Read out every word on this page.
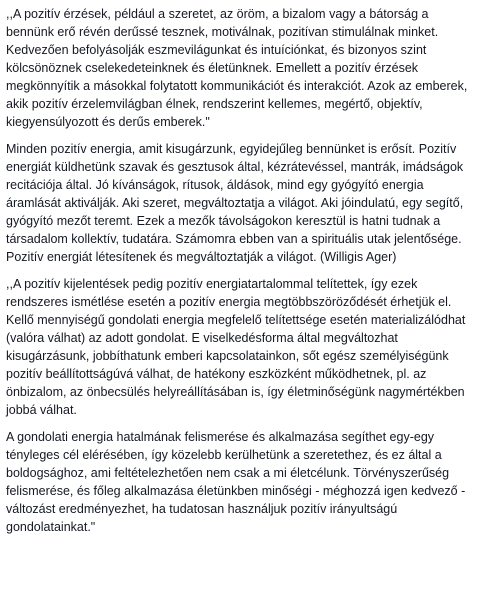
,,A pozitív érzések, például a szeretet, az öröm, a bizalom vagy a bátorság a bennünk erő révén derűssé tesznek, motiválnak, pozitívan stimulálnak minket. Kedvezően befolyásolják eszmevilágunkat és intuíciónkat, és bizonyos szint kölcsönöznek cselekedeteinknek és életünknek. Emellett a pozitív érzések megkönnyítik a másokkal folytatott kommunikációt és interakciót. Azok az emberek, akik pozitív érzelemvilágban élnek, rendszerint kellemes, megértő, objektív, kiegyensúlyozott és derűs emberek."

Minden pozitív energia, amit kisugárzunk, egyidejűleg bennünket is erősít. Pozitív energiát küldhetünk szavak és gesztusok által, kézrátevéssel, mantrák, imádságok recitációja által. Jó kívánságok, rítusok, áldások, mind egy gyógyító energia áramlását aktiválják. Aki szeret, megváltoztatja a világot. Aki jóindulatú, egy segítő, gyógyító mezőt teremt. Ezek a mezők távolságokon keresztül is hatni tudnak a társadalom kollektív, tudatára. Számomra ebben van a spirituális utak jelentősége. Pozitív energiát létesítenek és megváltoztatják a világot. (Willigis Ager)

,,A pozitív kijelentések pedig pozitív energiatartalommal telítettek, így ezek rendszeres ismétlése esetén a pozitív energia megtöbbszöröződését érhetjük el. Kellő mennyiségű gondolati energia megfelelő telítettsége esetén materializálódhat (valóra válhat) az adott gondolat. E viselkedésforma által megváltozhat kisugárzásunk, jobbíthatunk emberi kapcsolatainkon, sőt egész személyiségünk pozitív beállítottságúvá válhat, de hatékony eszközként működhetnek, pl. az önbizalom, az önbecsülés helyreállításában is, így életminőségünk nagymértékben jobbá válhat.

A gondolati energia hatalmának felismerése és alkalmazása segíthet egy-egy tényleges cél elérésében, így közelebb kerülhetünk a szeretethez, és ez által a boldogsághoz, ami feltételezhetően nem csak a mi életcélunk. Törvényszerűség felismerése, és főleg alkalmazása életünkben minőségi - méghozzá igen kedvező - változást eredményezhet, ha tudatosan használjuk pozitív irányultságú gondolatainkat."
